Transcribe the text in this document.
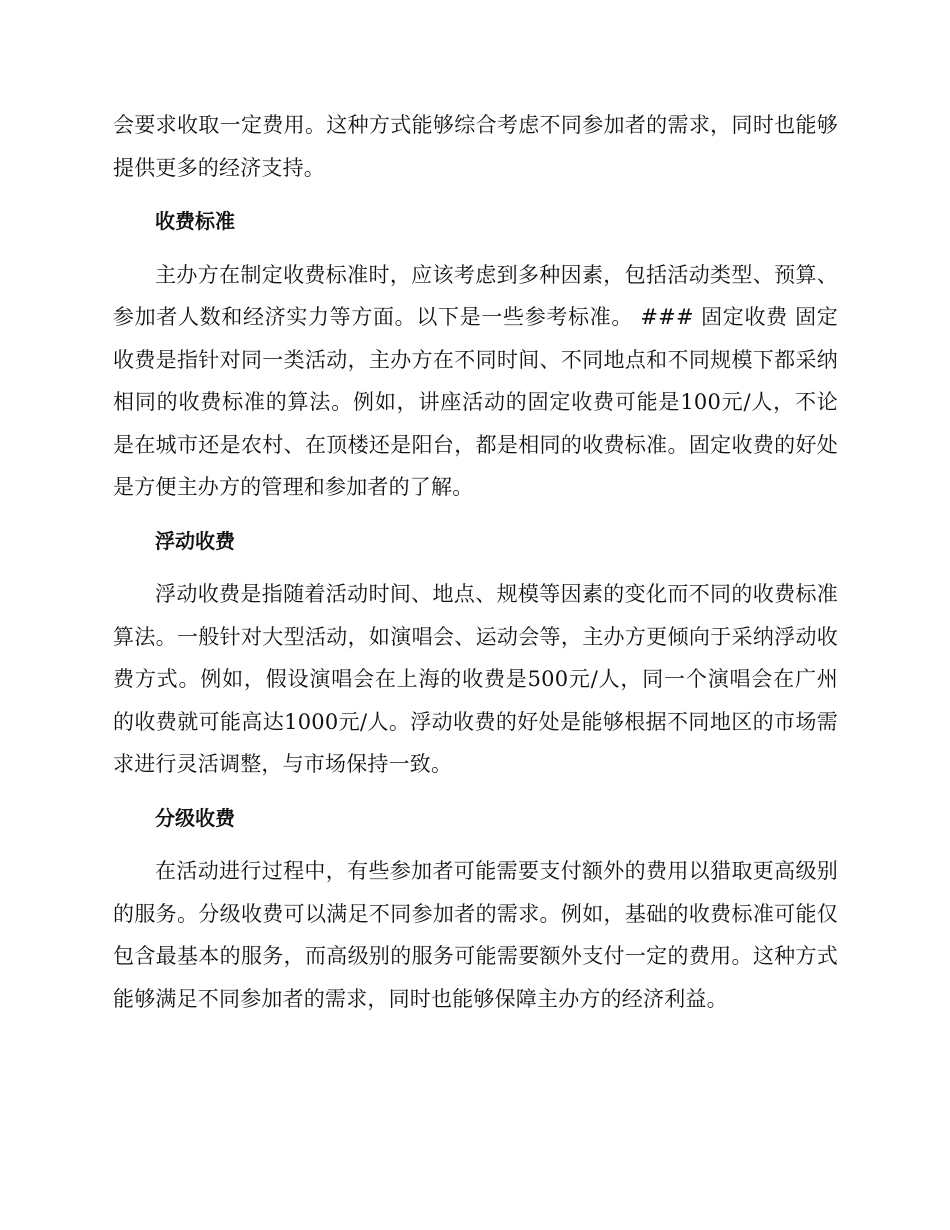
会要求收取一定费用。这种方式能够综合考虑不同参加者的需求，同时也能够提供更多的经济支持。

收费标准

主办方在制定收费标准时，应该考虑到多种因素，包括活动类型、预算、参加者人数和经济实力等方面。以下是一些参考标准。 ### 固定收费 固定收费是指针对同一类活动，主办方在不同时间、不同地点和不同规模下都采纳相同的收费标准的算法。例如，讲座活动的固定收费可能是100元/人，不论是在城市还是农村、在顶楼还是阳台，都是相同的收费标准。固定收费的好处是方便主办方的管理和参加者的了解。

浮动收费

浮动收费是指随着活动时间、地点、规模等因素的变化而不同的收费标准算法。一般针对大型活动，如演唱会、运动会等，主办方更倾向于采纳浮动收费方式。例如，假设演唱会在上海的收费是500元/人，同一个演唱会在广州的收费就可能高达1000元/人。浮动收费的好处是能够根据不同地区的市场需求进行灵活调整，与市场保持一致。

分级收费

在活动进行过程中，有些参加者可能需要支付额外的费用以猎取更高级别的服务。分级收费可以满足不同参加者的需求。例如，基础的收费标准可能仅包含最基本的服务，而高级别的服务可能需要额外支付一定的费用。这种方式能够满足不同参加者的需求，同时也能够保障主办方的经济利益。
